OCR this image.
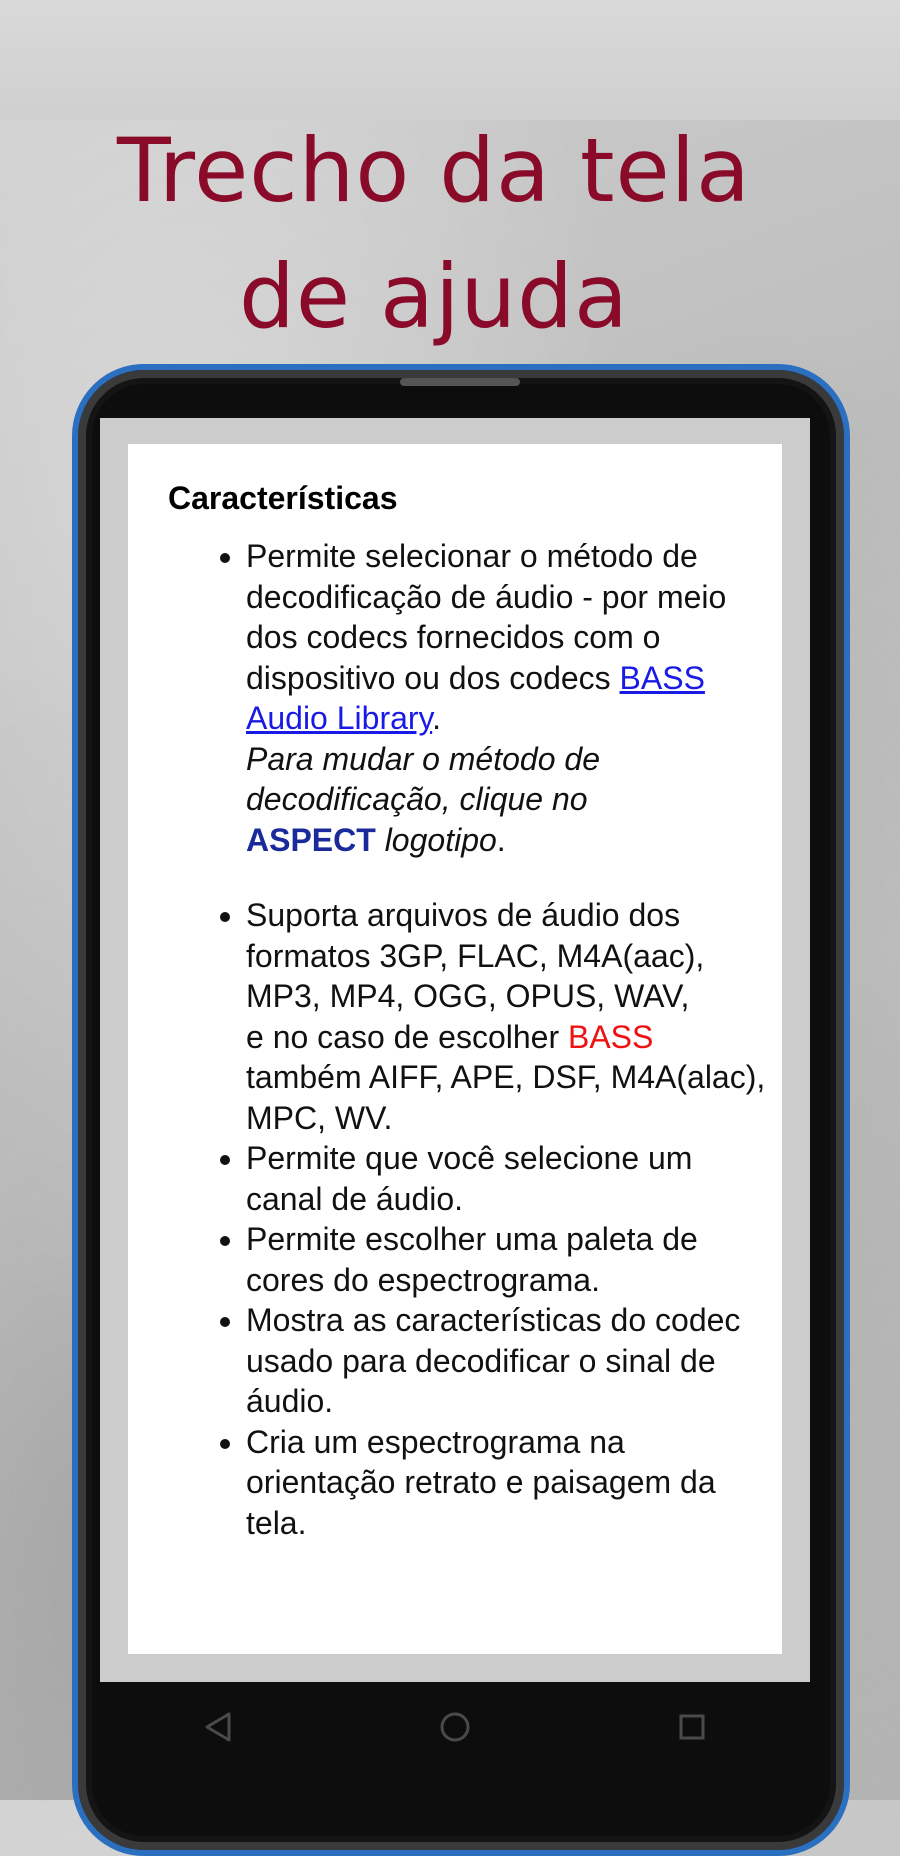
Trecho da tela
de ajuda
Características
• Permite selecionar o método de decodificação de áudio - por meio dos codecs fornecidos com o dispositivo ou dos codecs BASS Audio Library.
Para mudar o método de decodificação, clique no
ASPECT logotipo.
• Suporta arquivos de áudio dos formatos 3GP, FLAC, M4A(aac), MP3, MP4, OGG, OPUS, WAV,
e no caso de escolher BASS
também AIFF, APE, DSF, M4A(alac), MPC, WV.
• Permite que você selecione um canal de áudio.
• Permite escolher uma paleta de cores do espectrograma.
• Mostra as características do codec usado para decodificar o sinal de áudio.
• Cria um espectrograma na orientação retrato e paisagem da tela.
